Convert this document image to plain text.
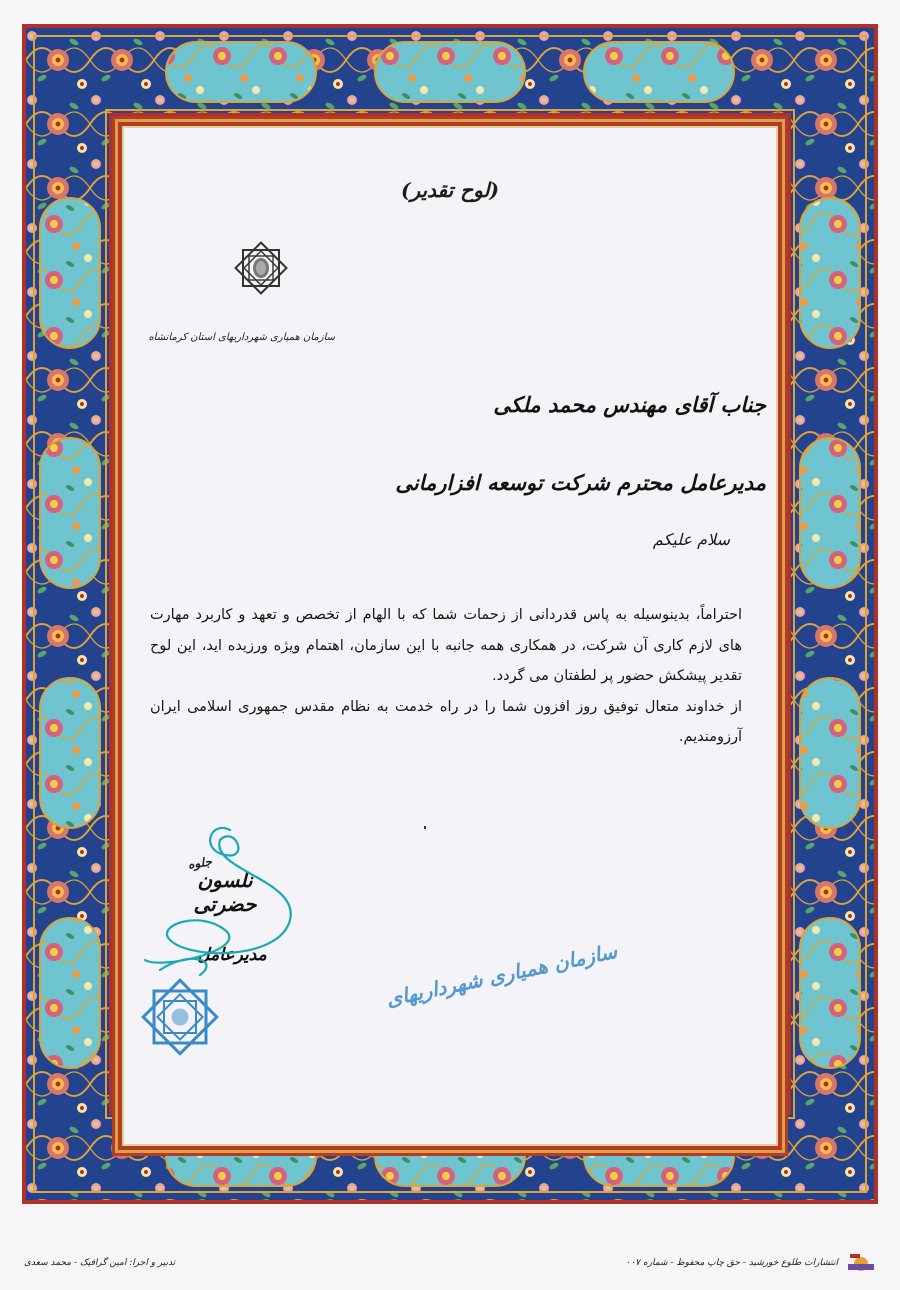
(لوح تقدیر)
سازمان همیاری شهرداریهای استان کرمانشاه
جناب آقای مهندس محمد ملکی
مدیرعامل محترم شرکت توسعه افزارمانی
سلام علیکم

احتراماً، بدینوسیله به پاس قدردانی از زحمات شما که با الهام از تخصص و تعهد و کاربرد مهارت های لازم کاری آن شرکت، در همکاری همه جانبه با این سازمان، اهتمام ویژه ورزیده اید، این لوح تقدیر پیشکش حضور پر لطفتان می گردد.

از خداوند متعال توفیق روز افزون شما را در راه خدمت به نظام مقدس جمهوری اسلامی ایران آرزومندیم.

جلوه
نلسون حضرتی
مدیرعامل	سازمان همیاری شهرداریهای
تدبیر و اجرا: امین گرافیک - محمد سعدی	انتشارات طلوع خورشید - حق چاپ محفوظ - شماره ۰۰۷
